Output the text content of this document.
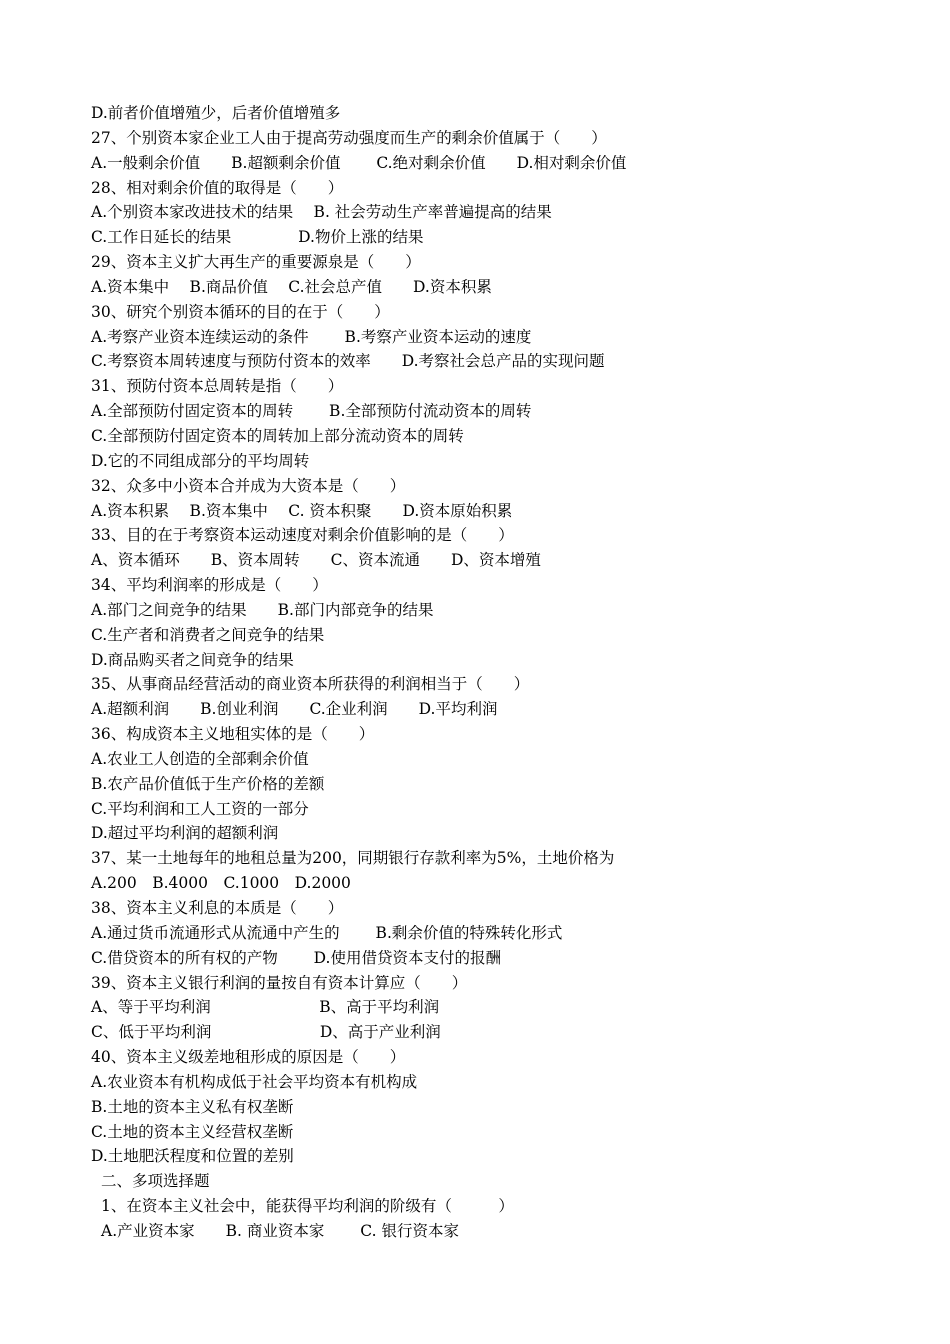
D.前者价值增殖少，后者价值增殖多
27、个别资本家企业工人由于提高劳动强度而生产的剩余价值属于（　　）
A.一般剩余价值　　B.超额剩余价值　　 C.绝对剩余价值　　D.相对剩余价值
28、相对剩余价值的取得是（　　）
A.个别资本家改进技术的结果　 B. 社会劳动生产率普遍提高的结果
C.工作日延长的结果　　　　 D.物价上涨的结果
29、资本主义扩大再生产的重要源泉是（　　）
A.资本集中　 B.商品价值　 C.社会总产值　　D.资本积累
30、研究个别资本循环的目的在于（　　）
A.考察产业资本连续运动的条件　　 B.考察产业资本运动的速度
C.考察资本周转速度与预防付资本的效率　　D.考察社会总产品的实现问题
31、预防付资本总周转是指（　　）
A.全部预防付固定资本的周转　　 B.全部预防付流动资本的周转
C.全部预防付固定资本的周转加上部分流动资本的周转
D.它的不同组成部分的平均周转
32、众多中小资本合并成为大资本是（　　）
A.资本积累　 B.资本集中　 C. 资本积聚　　D.资本原始积累
33、目的在于考察资本运动速度对剩余价值影响的是（　　）
A、资本循环　　B、资本周转　　C、资本流通　　D、资本增殖
34、平均利润率的形成是（　　）
A.部门之间竞争的结果　　B.部门内部竞争的结果
C.生产者和消费者之间竞争的结果
D.商品购买者之间竞争的结果
35、从事商品经营活动的商业资本所获得的利润相当于（　　）
A.超额利润　　B.创业利润　　C.企业利润　　D.平均利润
36、构成资本主义地租实体的是（　　）
A.农业工人创造的全部剩余价值
B.农产品价值低于生产价格的差额
C.平均利润和工人工资的一部分
D.超过平均利润的超额利润
37、某一土地每年的地租总量为200，同期银行存款利率为5%，土地价格为
A.200　B.4000　C.1000　D.2000
38、资本主义利息的本质是（　　）
A.通过货币流通形式从流通中产生的　　 B.剩余价值的特殊转化形式
C.借贷资本的所有权的产物　　 D.使用借贷资本支付的报酬
39、资本主义银行利润的量按自有资本计算应（　　）
A、等于平均利润　　　　　　　B、高于平均利润
C、低于平均利润　　　　　　　D、高于产业利润
40、资本主义级差地租形成的原因是（　　）
A.农业资本有机构成低于社会平均资本有机构成
B.土地的资本主义私有权垄断
C.土地的资本主义经营权垄断
D.土地肥沃程度和位置的差别
二、多项选择题
1、在资本主义社会中，能获得平均利润的阶级有（　　　）
A.产业资本家　　B. 商业资本家　　 C. 银行资本家
